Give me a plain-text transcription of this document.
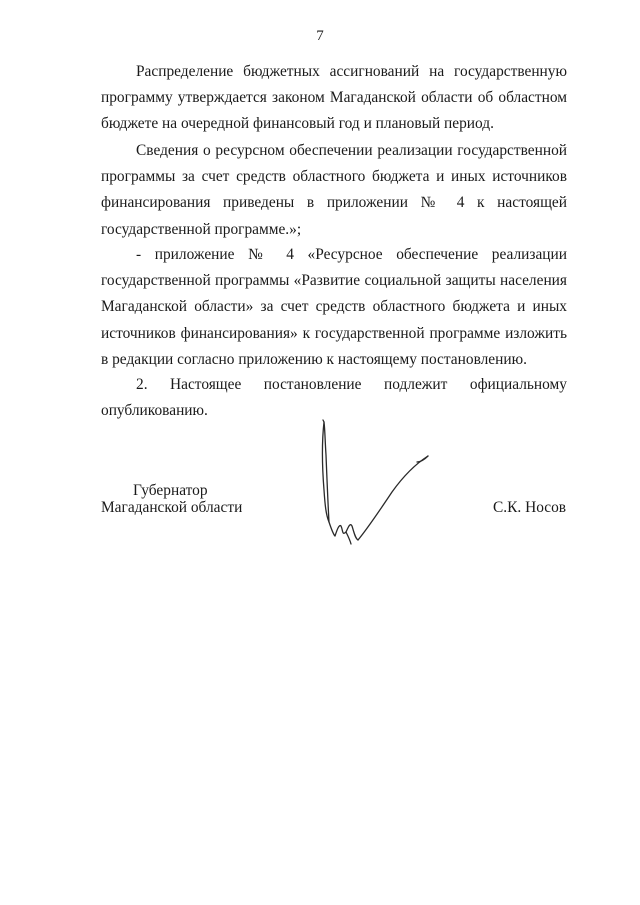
7

Распределение бюджетных ассигнований на государственную программу утверждается законом Магаданской области об областном бюджете на очередной финансовый год и плановый период.

Сведения о ресурсном обеспечении реализации государственной программы за счет средств областного бюджета и иных источников финансирования приведены в приложении № 4 к настоящей государственной программе.»;

- приложение № 4 «Ресурсное обеспечение реализации государственной программы «Развитие социальной защиты населения Магаданской области» за счет средств областного бюджета и иных источников финансирования» к государственной программе изложить в редакции согласно приложению к настоящему постановлению.

2. Настоящее постановление подлежит официальному опубликованию.

Губернатор
Магаданской области	С.К. Носов
